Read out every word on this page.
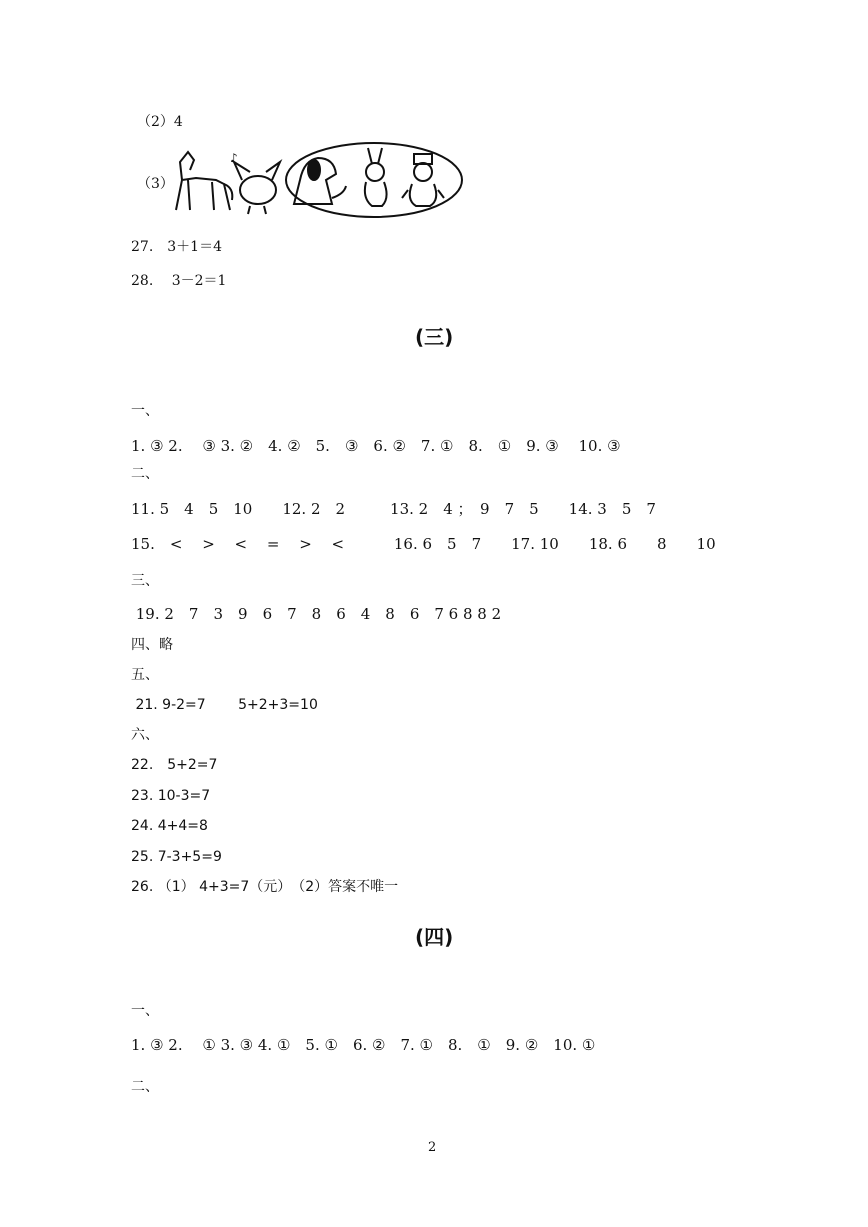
（2）4
（3）
♪
27.　3＋1＝4
28.　 3－2＝1
(三)
一、
1. ③ 2.　 ③ 3. ②　4. ②　5.　③　6. ②　7. ①　8.　①　9. ③　 10. ③
二、
11. 5　4　5　10　　12. 2　2　　　13. 2　4 ；　9　7　5　　14. 3　5　7
15.　<　 >　 <　 =　 >　 <　　　 16. 6　5　7　　17. 10　　18. 6　　8　　10
三、
19. 2　7　3　9　6　7　8　6　4　8　6　7 6 8 8 2
四、略
五、
21. 9-2=7　　 5+2+3=10
六、
22.　5+2=7
23. 10-3=7
24. 4+4=8
25. 7-3+5=9
26. （1） 4+3=7（元）　（2）答案不唯一
(四)
一、
1. ③ 2.　 ① 3. ③ 4. ①　5. ①　6. ②　7. ①　8.　①　9. ②　10. ①
二、
2
